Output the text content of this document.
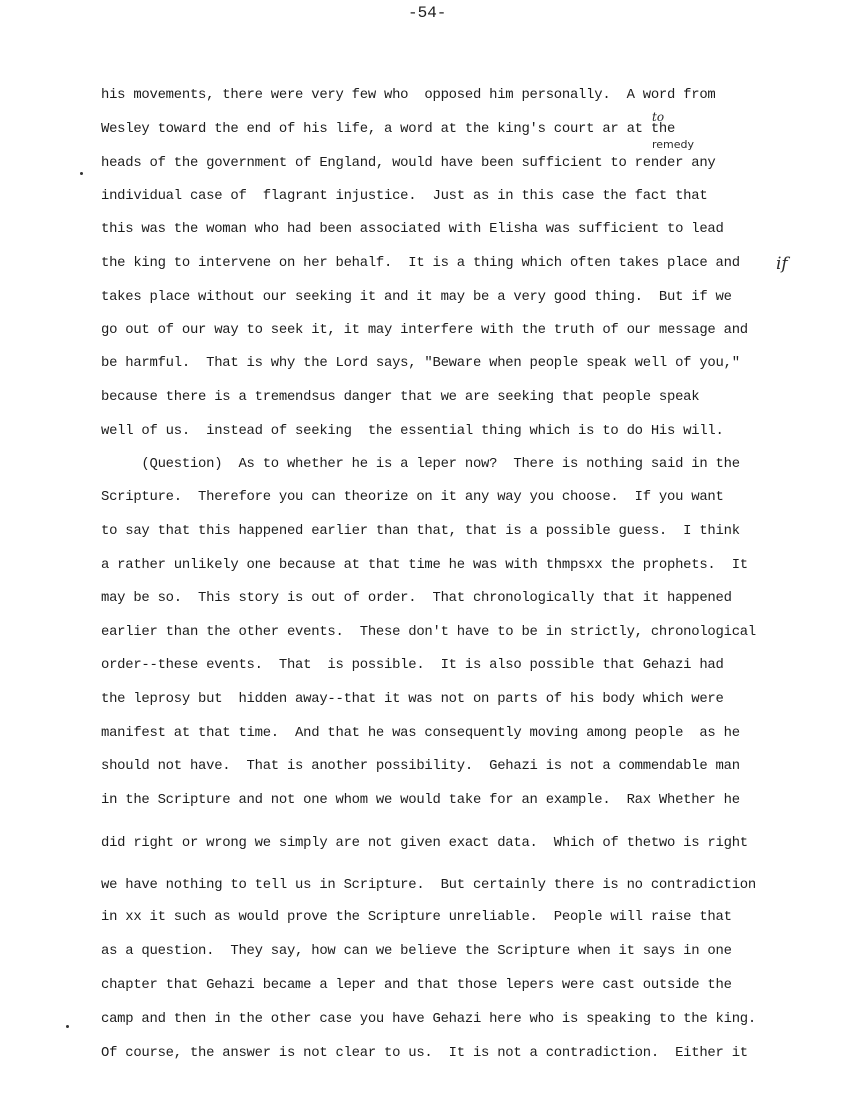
-54-
his movements, there were very few who  opposed him personally.  A word from
Wesley toward the end of his life, a word at the king's court ar at the
heads of the government of England, would have been sufficient to render any
individual case of  flagrant injustice.  Just as in this case the fact that
this was the woman who had been associated with Elisha was sufficient to lead
the king to intervene on her behalf.  It is a thing which often takes place and
takes place without our seeking it and it may be a very good thing.  But if we
go out of our way to seek it, it may interfere with the truth of our message and
be harmful.  That is why the Lord says, "Beware when people speak well of you,"
because there is a tremendsus danger that we are seeking that people speak
well of us.  instead of seeking  the essential thing which is to do His will.
(Question)  As to whether he is a leper now?  There is nothing said in the
Scripture.  Therefore you can theorize on it any way you choose.  If you want
to say that this happened earlier than that, that is a possible guess.  I think
a rather unlikely one because at that time he was with thmpsxx the prophets.  It
may be so.  This story is out of order.  That chronologically that it happened
earlier than the other events.  These don't have to be in strictly, chronological
order--these events.  That  is possible.  It is also possible that Gehazi had
the leprosy but  hidden away--that it was not on parts of his body which were
manifest at that time.  And that he was consequently moving among people  as he
should not have.  That is another possibility.  Gehazi is not a commendable man
in the Scripture and not one whom we would take for an example.  Rax Whether he
did right or wrong we simply are not given exact data.  Which of thetwo is right
we have nothing to tell us in Scripture.  But certainly there is no contradiction
in xx it such as would prove the Scripture unreliable.  People will raise that
as a question.  They say, how can we believe the Scripture when it says in one
chapter that Gehazi became a leper and that those lepers were cast outside the
camp and then in the other case you have Gehazi here who is speaking to the king.
Of course, the answer is not clear to us.  It is not a contradiction.  Either it
to
remedy
if
